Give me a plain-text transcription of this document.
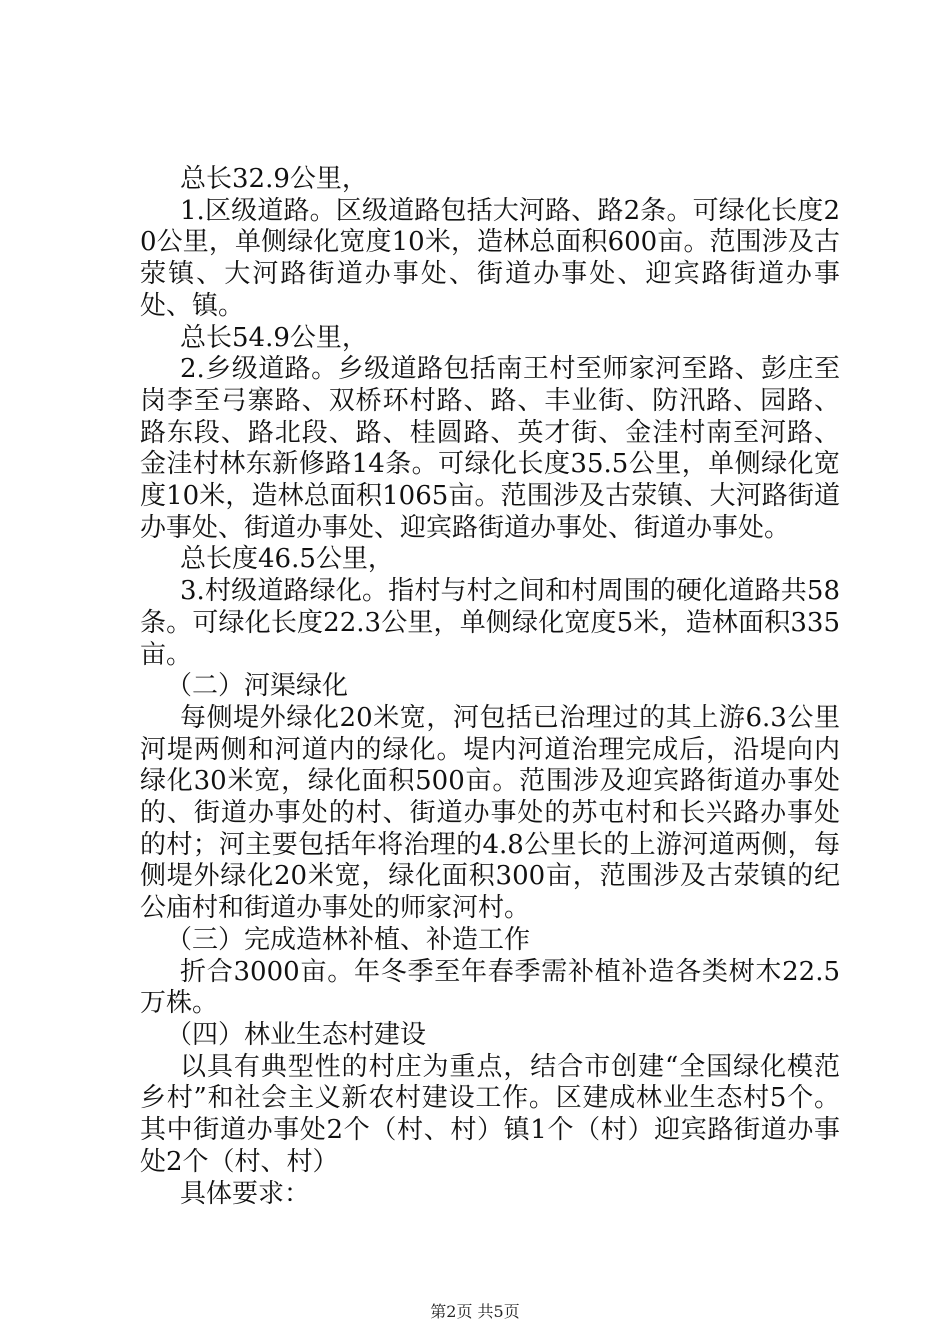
总长32.9公里，

1.区级道路。区级道路包括大河路、路2条。可绿化长度20公里，单侧绿化宽度10米，造林总面积600亩。范围涉及古荥镇、大河路街道办事处、街道办事处、迎宾路街道办事处、镇。

总长54.9公里，

2.乡级道路。乡级道路包括南王村至师家河至路、彭庄至岗李至弓寨路、双桥环村路、路、丰业街、防汛路、园路、路东段、路北段、路、桂圆路、英才街、金洼村南至河路、金洼村林东新修路14条。可绿化长度35.5公里，单侧绿化宽度10米，造林总面积1065亩。范围涉及古荥镇、大河路街道办事处、街道办事处、迎宾路街道办事处、街道办事处。

总长度46.5公里，

3.村级道路绿化。指村与村之间和村周围的硬化道路共58条。可绿化长度22.3公里，单侧绿化宽度5米，造林面积335亩。

（二）河渠绿化

每侧堤外绿化20米宽，河包括已治理过的其上游6.3公里河堤两侧和河道内的绿化。堤内河道治理完成后，沿堤向内绿化30米宽，绿化面积500亩。范围涉及迎宾路街道办事处的、街道办事处的村、街道办事处的苏屯村和长兴路办事处的村；河主要包括年将治理的4.8公里长的上游河道两侧，每侧堤外绿化20米宽，绿化面积300亩，范围涉及古荥镇的纪公庙村和街道办事处的师家河村。

（三）完成造林补植、补造工作

折合3000亩。年冬季至年春季需补植补造各类树木22.5万株。

（四）林业生态村建设

以具有典型性的村庄为重点，结合市创建“全国绿化模范乡村”和社会主义新农村建设工作。区建成林业生态村5个。其中街道办事处2个（村、村）镇1个（村）迎宾路街道办事处2个（村、村）

具体要求：

第2页 共5页
